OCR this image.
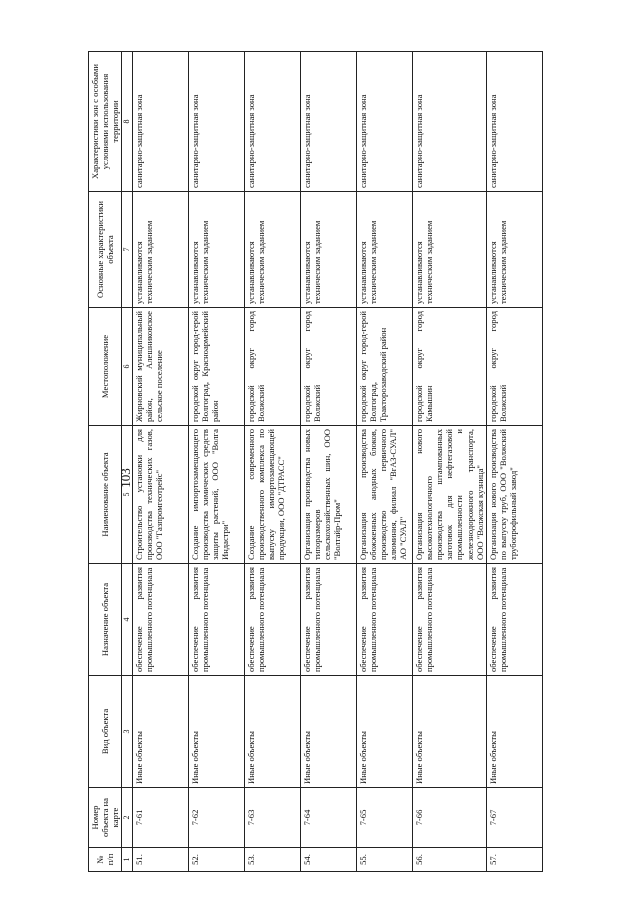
103
№ п/п	Номер объекта на карте	Вид объекта	Назначение объекта	Наименование объекта	Местоположение	Основные характеристики объекта	Характеристики зон с особыми условиями использования территории
1	2	3	4	5	6	7	8
51.	7-61	Иные объекты	обеспечение развития промышленного потенциала	Строительство установки для производства технических газов, ООО "Газпромгеотрейс"	Жирновский муниципальный район, Алешниковское сельское поселение	устанавливаются техническим заданием	санитарно-защитная зона
52.	7-62	Иные объекты	обеспечение развития промышленного потенциала	Создание импортозамещающего производства химических средств защиты растений, ООО "Волга Индастри"	городской округ город-герой Волгоград, Красноармейский район	устанавливаются техническим заданием	санитарно-защитная зона
53.	7-63	Иные объекты	обеспечение развития промышленного потенциала	Создание современного производственного комплекса по выпуску импортозамещающей продукции, ООО "ДТРАСС"	городской округ город Волжский	устанавливаются техническим заданием	санитарно-защитная зона
54.	7-64	Иные объекты	обеспечение развития промышленного потенциала	Организация производства новых типоразмеров сельскохозяйственных шин, ООО "Волтайр-Пром"	городской округ город Волжский	устанавливаются техническим заданием	санитарно-защитная зона
55.	7-65	Иные объекты	обеспечение развития промышленного потенциала	Организация производства обожженных анодных блоков, производство первичного алюминия, филиал "ВгАЗ-СУАЛ" АО "СУАЛ"	городской округ город-герой Волгоград, Тракторозаводский район	устанавливаются техническим заданием	санитарно-защитная зона
56.	7-66	Иные объекты	обеспечение развития промышленного потенциала	Организация нового высокотехнологичного производства штампованных заготовок для нефтегазовой промышленности и железнодорожного транспорта, ООО "Волжская кузница"	городской округ город Камышин	устанавливаются техническим заданием	санитарно-защитная зона
57.	7-67	Иные объекты	обеспечение развития промышленного потенциала	Организация нового производства по выпуску труб, ООО "Волжский трубопрофильный завод"	городской округ город Волжский	устанавливаются техническим заданием	санитарно-защитная зона
